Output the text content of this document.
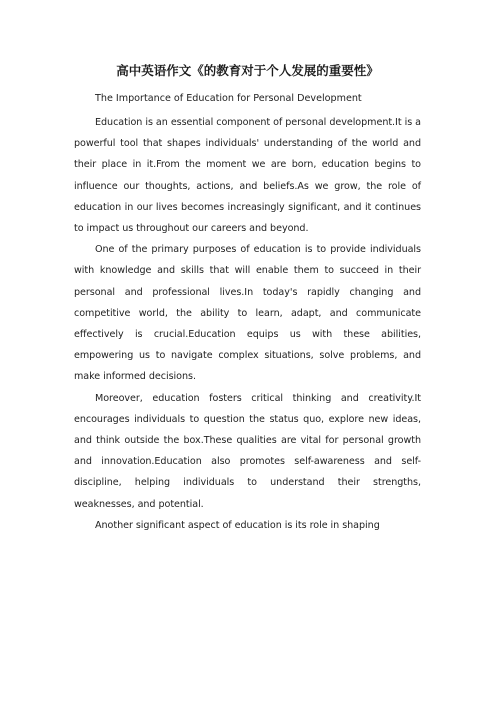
高中英语作文《的教育对于个人发展的重要性》

The Importance of Education for Personal Development

Education is an essential component of personal development.It is a powerful tool that shapes individuals' understanding of the world and their place in it.From the moment we are born, education begins to influence our thoughts, actions, and beliefs.As we grow, the role of education in our lives becomes increasingly significant, and it continues to impact us throughout our careers and beyond.

One of the primary purposes of education is to provide individuals with knowledge and skills that will enable them to succeed in their personal and professional lives.In today's rapidly changing and competitive world, the ability to learn, adapt, and communicate effectively is crucial.Education equips us with these abilities, empowering us to navigate complex situations, solve problems, and make informed decisions.

Moreover, education fosters critical thinking and creativity.It encourages individuals to question the status quo, explore new ideas, and think outside the box.These qualities are vital for personal growth and innovation.Education also promotes self-awareness and self-discipline, helping individuals to understand their strengths, weaknesses, and potential.

Another significant aspect of education is its role in shaping
